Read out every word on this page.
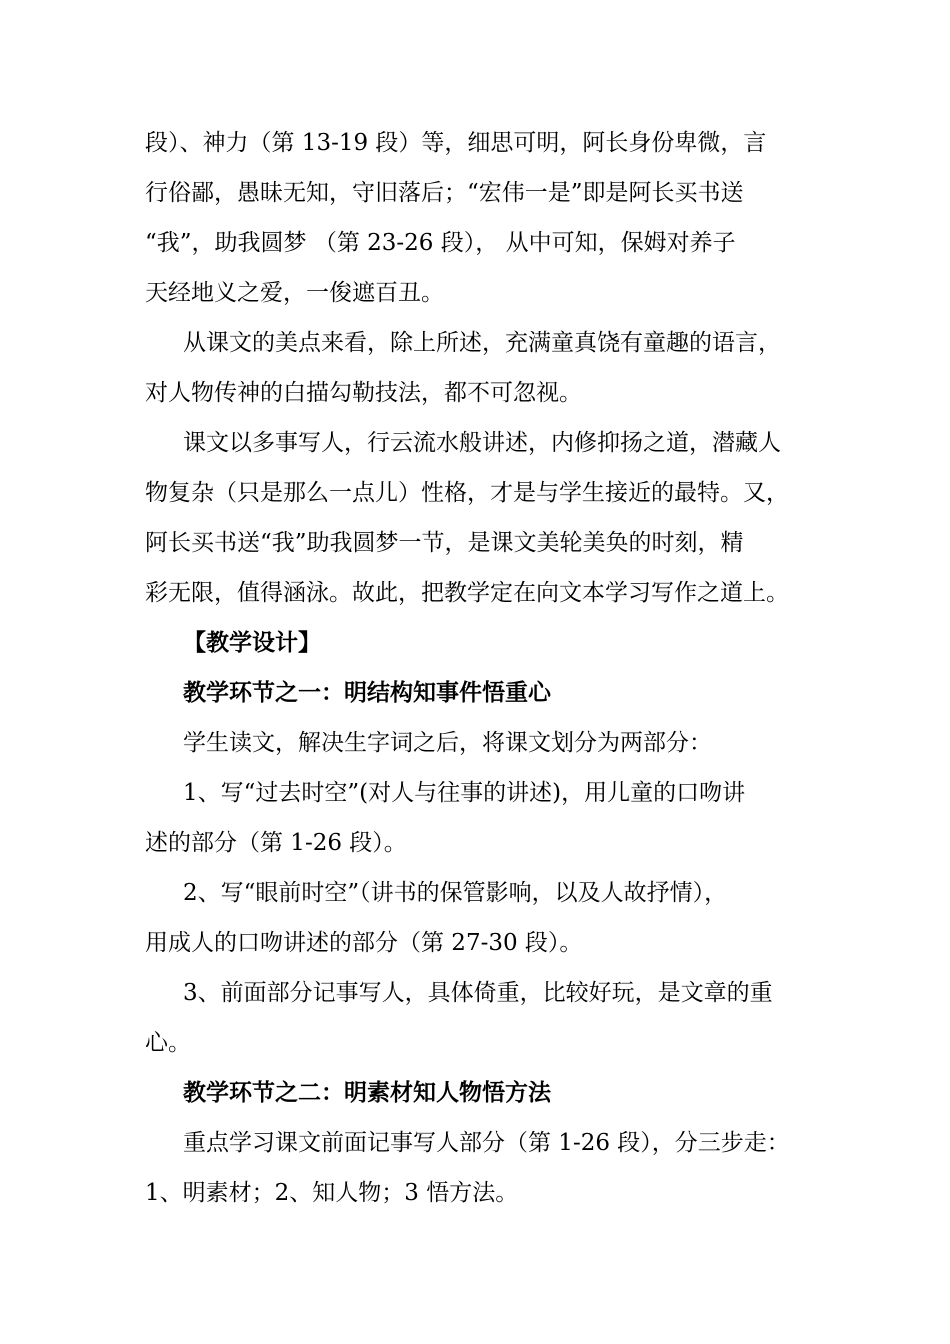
段）、神力（第 13-19 段）等，细思可明，阿长身份卑微，言
行俗鄙，愚昧无知，守旧落后；“宏伟一是”即是阿长买书送
“我”，助我圆梦 （第 23-26 段）， 从中可知，保姆对养子
天经地义之爱，一俊遮百丑。
从课文的美点来看，除上所述，充满童真饶有童趣的语言，
对人物传神的白描勾勒技法，都不可忽视。
课文以多事写人，行云流水般讲述，内修抑扬之道，潜藏人
物复杂（只是那么一点儿）性格，才是与学生接近的最特。又，
阿长买书送“我”助我圆梦一节，是课文美轮美奂的时刻，精
彩无限，值得涵泳。故此，把教学定在向文本学习写作之道上。
【教学设计】
教学环节之一：明结构知事件悟重心
学生读文，解决生字词之后，将课文划分为两部分：
1、写“过去时空”(对人与往事的讲述)，用儿童的口吻讲
述的部分（第 1-26 段）。
2、写“眼前时空”（讲书的保管影响，以及人故抒情），
用成人的口吻讲述的部分（第 27-30 段）。
3、前面部分记事写人，具体倚重，比较好玩，是文章的重
心。
教学环节之二：明素材知人物悟方法
重点学习课文前面记事写人部分（第 1-26 段），分三步走：
1、明素材；2、知人物；3 悟方法。
